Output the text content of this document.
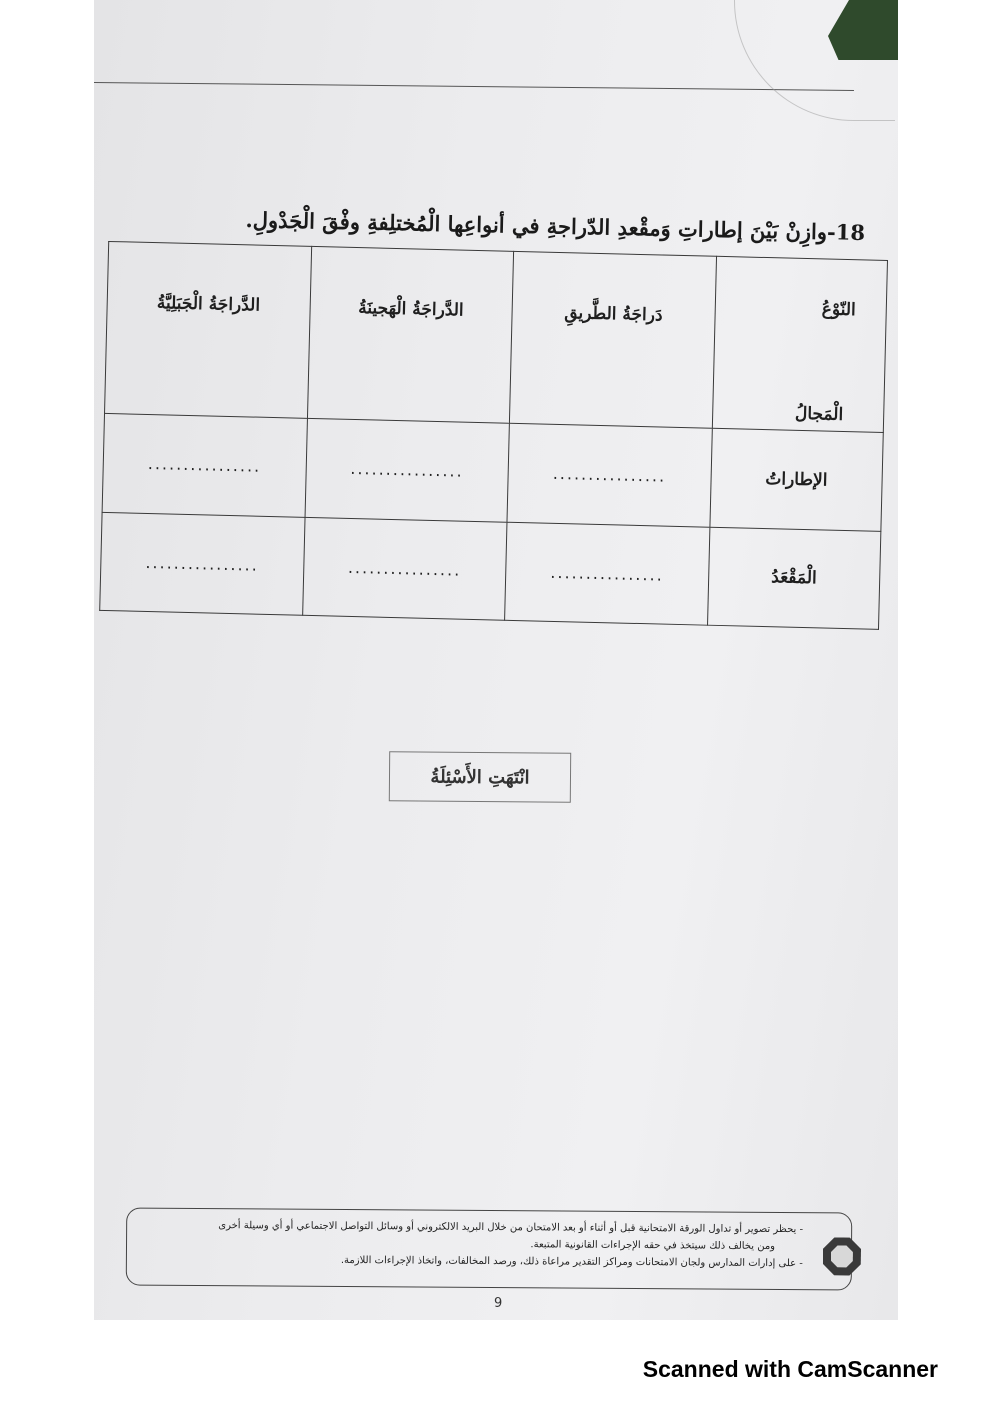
18-وازِنْ بَيْنَ إطاراتِ وَمقْعدِ الدّراجةِ في أنواعِها الْمُختلِفةِ وفْقَ الْجَدْولِ.
النّوْعُ
الْمَجالُ	دَراجَةُ الطَّريقِ	الدَّراجَةُ الْهَجينَةُ	الدَّراجَةُ الْجَبَلِيَّةُ
الإطاراتُ	................	................	................
الْمَقْعَدُ	................	................	................
انْتَهَتِ الأَسْئِلَةُ

- يحظر تصوير أو تداول الورقة الامتحانية قبل أو أثناء أو بعد الامتحان من خلال البريد الالكتروني أو وسائل التواصل الاجتماعي أو أي وسيلة أخرى

ومن يخالف ذلك سيتخذ في حقه الإجراءات القانونية المتبعة.

- على إدارات المدارس ولجان الامتحانات ومراكز التقدير مراعاة ذلك، ورصد المخالفات، واتخاذ الإجراءات اللازمة.

9
Scanned with CamScanner
